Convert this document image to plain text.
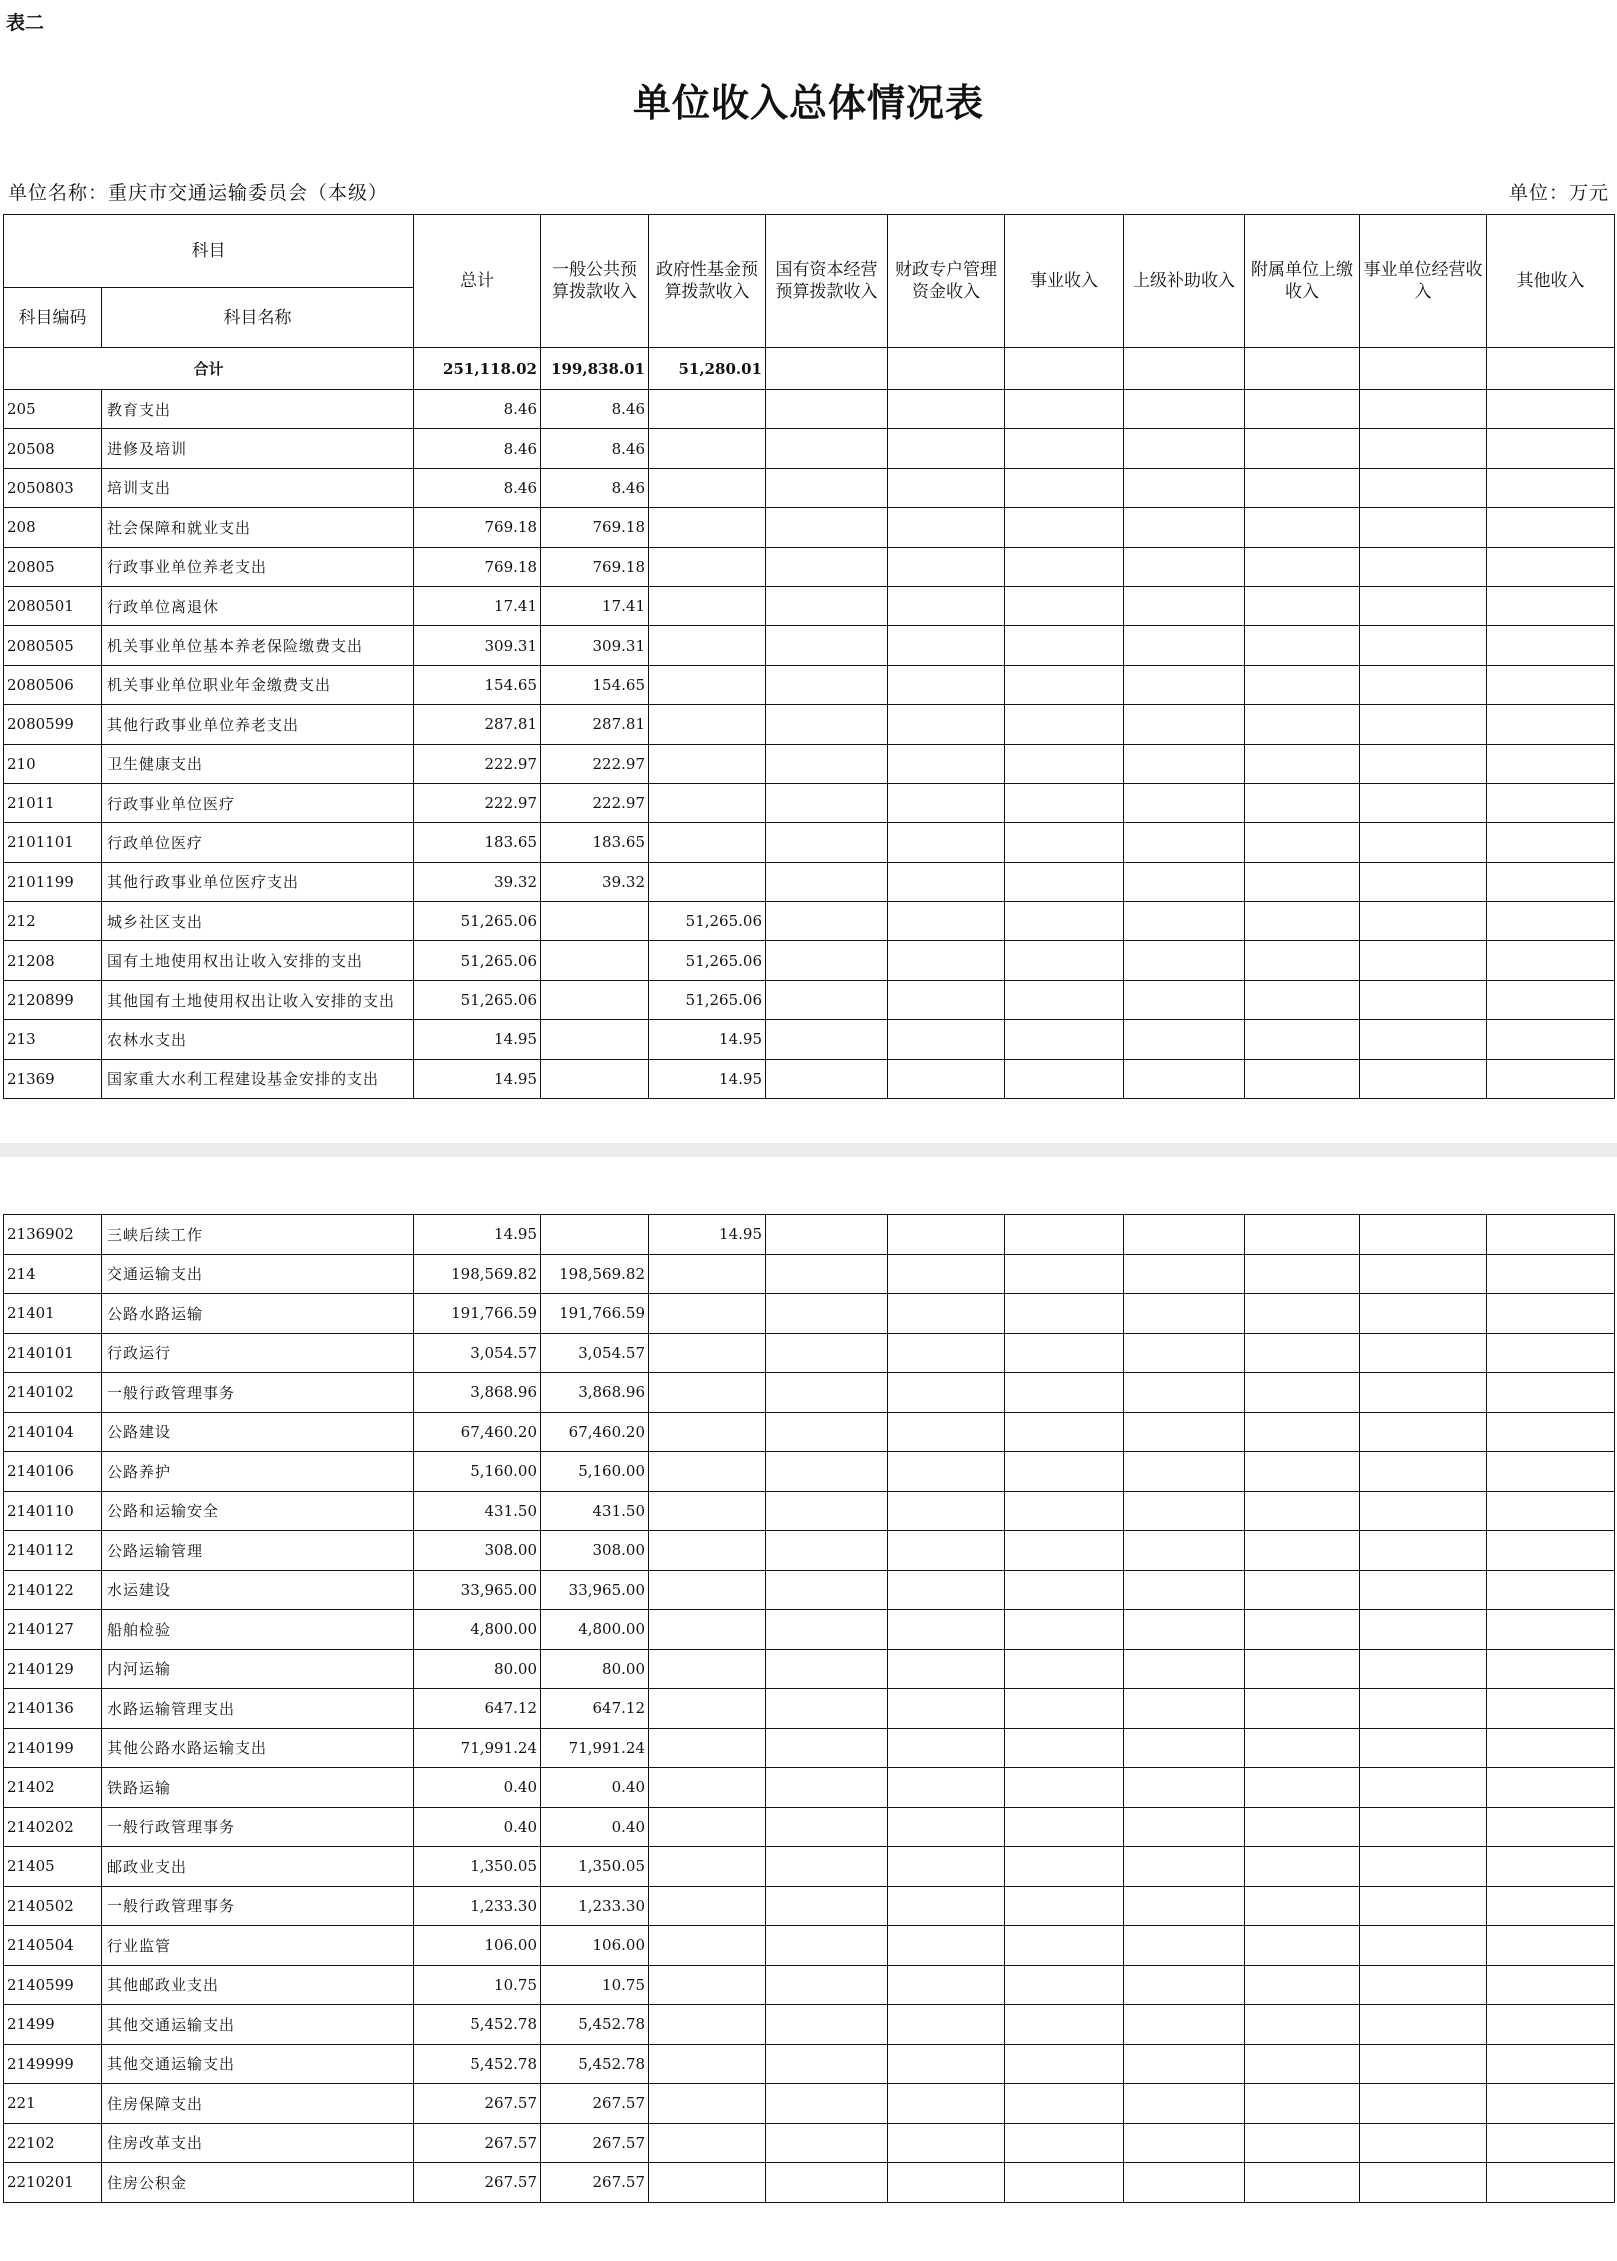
表二
单位收入总体情况表
单位名称：重庆市交通运输委员会（本级）	单位：万元
科目		总计	一般公共预算拨款收入	政府性基金预算拨款收入	国有资本经营预算拨款收入	财政专户管理资金收入	事业收入	上级补助收入	附属单位上缴收入	事业单位经营收入	其他收入
科目编码	科目名称										
合计		251,118.02	199,838.01	51,280.01							
205	教育支出	8.46	8.46								
20508	进修及培训	8.46	8.46								
2050803	培训支出	8.46	8.46								
208	社会保障和就业支出	769.18	769.18								
20805	行政事业单位养老支出	769.18	769.18								
2080501	行政单位离退休	17.41	17.41								
2080505	机关事业单位基本养老保险缴费支出	309.31	309.31								
2080506	机关事业单位职业年金缴费支出	154.65	154.65								
2080599	其他行政事业单位养老支出	287.81	287.81								
210	卫生健康支出	222.97	222.97								
21011	行政事业单位医疗	222.97	222.97								
2101101	行政单位医疗	183.65	183.65								
2101199	其他行政事业单位医疗支出	39.32	39.32								
212	城乡社区支出	51,265.06		51,265.06							
21208	国有土地使用权出让收入安排的支出	51,265.06		51,265.06							
2120899	其他国有土地使用权出让收入安排的支出	51,265.06		51,265.06							
213	农林水支出	14.95		14.95							
21369	国家重大水利工程建设基金安排的支出	14.95		14.95							
2136902	三峡后续工作	14.95		14.95							
214	交通运输支出	198,569.82	198,569.82								
21401	公路水路运输	191,766.59	191,766.59								
2140101	行政运行	3,054.57	3,054.57								
2140102	一般行政管理事务	3,868.96	3,868.96								
2140104	公路建设	67,460.20	67,460.20								
2140106	公路养护	5,160.00	5,160.00								
2140110	公路和运输安全	431.50	431.50								
2140112	公路运输管理	308.00	308.00								
2140122	水运建设	33,965.00	33,965.00								
2140127	船舶检验	4,800.00	4,800.00								
2140129	内河运输	80.00	80.00								
2140136	水路运输管理支出	647.12	647.12								
2140199	其他公路水路运输支出	71,991.24	71,991.24								
21402	铁路运输	0.40	0.40								
2140202	一般行政管理事务	0.40	0.40								
21405	邮政业支出	1,350.05	1,350.05								
2140502	一般行政管理事务	1,233.30	1,233.30								
2140504	行业监管	106.00	106.00								
2140599	其他邮政业支出	10.75	10.75								
21499	其他交通运输支出	5,452.78	5,452.78								
2149999	其他交通运输支出	5,452.78	5,452.78								
221	住房保障支出	267.57	267.57								
22102	住房改革支出	267.57	267.57								
2210201	住房公积金	267.57	267.57								
